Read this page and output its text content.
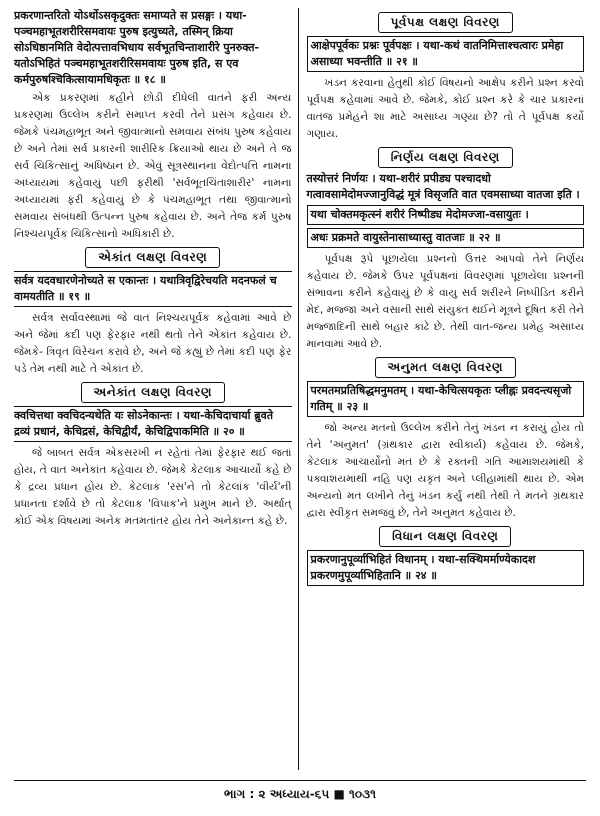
प्रकरणान्तरितो योऽर्थोऽसकृदुक्तः समाप्यते स प्रसङ्गः । यथा-पञ्चमहाभूतशरीरिसमवायः पुरुष इत्युच्यते, तस्मिन् क्रिया सोऽधिष्ठानमिति वेदोत्पत्तावभिधाय सर्वभूतचिन्ताशारीरे पुनरुक्त-यतोऽभिहितं पञ्चमहाभूतशरीरिसमवायः पुरुष इति, स एव कर्मपुरुषश्चिकित्सायामधिकृतः ॥ १८ ॥
એક પ્રકરણમાં કહીને છોડી દીધેલી વાતને ફરી અન્ય પ્રકરણમાં ઉલ્લેખ કરીને સમાપ્ત કરવી તેને પ્રસંગ કહેવાય છે. જેમકે પંચમહાભૂત અને જીવાત્માનો સમવાય સંબંધ પુરુષ કહેવાય છે અને તેમાં સર્વ પ્રકારની શારીરિક ક્રિયાઓ થાય છે અને તે જ સર્વ ચિકિત્સાનું અધિષ્ઠાન છે. એવું સૂત્રસ્થાનના વેદોત્પત્તિ નામના અધ્યાયમાં કહેવાયું પછી ફરીથી 'સર્વભૂતચિંતાશારીર' નામના અધ્યાયમાં ફરી કહેવાયું છે કે પંચમહાભૂત તથા જીવાત્માનો સમવાય સંબંધથી ઉત્પન્ન પુરુષ કહેવાય છે. અને તેજ કર્મ પુરુષ નિશ્ચયપૂર્વક ચિકિત્સાનો અધિકારી છે.
એકાંત લક્ષણ વિવરણ
सर्वत्र यदवधारणेनोच्यते स एकान्तः । यथात्रिवृद्विरेचयति मदनफलं च वामयतीति ॥ १९ ॥
સર્વત્ર સર્વાવસ્થામાં જે વાત નિશ્ચયપૂર્વક કહેવામાં આવે છે અને જેમાં કદી પણ ફેરફાર નથી થતો તેને એકાંત કહેવાય છે. જેમકે- ત્રિવૃત વિરેચન કરાવે છે, અને જે કહ્યું છે તેમાં કદી પણ ફેર પડે તેમ નથી માટે તે એકાંત છે.
અનેકાંત લક્ષણ વિવરણ
क्वचित्तथा क्वचिदन्यथेति यः सोऽनेकान्तः । यथा-केचिदाचार्या ब्रुवते द्रव्यं प्रधानं, केचिद्रसं, केचिद्वीर्यं, केचिद्विपाकमिति ॥ २० ॥
જે બાબત સર્વત્ર એકસરખી ન રહેતાં તેમાં ફેરફાર થઈ જતાં હોય, તે વાત અનેકાંત કહેવાય છે. જેમકે કેટલાક આચાર્યો કહે છે કે દ્રવ્ય પ્રધાન હોય છે. કેટલાક 'રસ'ને તો કેટલાંક 'વીર્ય'ની પ્રધાનતા દર્શાવે છે તો કેટલાક 'વિપાક'ને પ્રમુખ માને છે. અર્થાત્ કોઈ એક વિષયમાં અનેક મતમતાંતર હોય તેને અનેકાન્ત કહે છે.
પૂર્વપક્ષ લક્ષણ વિવરણ
आक्षेपपूर्वकः प्रश्नः पूर्वपक्षः । यथा-कथं वातनिमित्ताश्चत्वारः प्रमेहा असाध्या भवन्तीति ॥ २१ ॥
ખંડન કરવાના હેતુથી કોઈ વિષયનો આક્ષેપ કરીને પ્રશ્ન કરવો પૂર્વપક્ષ કહેવામાં આવે છે. જેમકે, કોઈ પ્રશ્ન કરે કે ચાર પ્રકારનાં વાતજ પ્રમેહને શા માટે અસાધ્ય ગણ્યા છે? તો તે પૂર્વપક્ષ કર્યો ગણાય.
નિર્ણય લક્ષણ વિવરણ
तस्योत्तरं निर्णयः । यथा-शरीरं प्रपीड्य पश्चादधो गत्वावसामेदोमज्जानुविद्धं मूत्रं विसृजति वात एवमसाध्या वातजा इति ।
यथा चोक्तमकृत्स्नं शरीरं निष्पीड्य मेदोमज्जा-वसायुतः ।
अधः प्रक्रमते वायुस्तेनासाध्यास्तु वातजाः ॥ २२ ॥
પૂર્વપક્ષ રૂપે પૂછાયેલા પ્રશ્નનો ઉત્તર આપવો તેને નિર્ણય કહેવાય છે. જેમકે ઉપર પૂર્વપક્ષનાં વિવરણમાં પૂછાયેલા પ્રશ્નની સંભાવના કરીને કહેવાયું છે કે વાયુ સર્વ શરીરને નિષ્પીડિત કરીને મેદ, મજ્જા અને વસાની સાથે સંયુક્ત થઈને મૂત્રને દૂષિત કરી તેને મજ્જાદિની સાથે બહાર કાઢે છે. તેથી વાત-જન્ય પ્રમેહ અસાધ્ય માનવામાં આવે છે.
અનુમત લક્ષણ વિવરણ
परमतमप्रतिषिद्धमनुमतम् । यथा-केचित्सयकृतः प्लीह्नः प्रवदन्त्यसृजो गतिम् ॥ २३ ॥
જો અન્ય મતનો ઉલ્લેખ કરીને તેનું ખંડન ન કરાયું હોય તો તેને 'અનુમત' (ગ્રંથકાર દ્વારા સ્વીકાર્ય) કહેવાય છે. જેમકે, કેટલાક આચાર્યોનો મત છે કે રક્તની ગતિ આમાશયમાંથી કે પક્વાશયમાંથી નહિ પણ યકૃત અને પ્લીહામાંથી થાય છે. એમ અન્યનો મત લખીને તેનું ખંડન કર્યું નથી તેથી તે મતને ગ્રંથકાર દ્વારા સ્વીકૃત સમજવું છે, તેને અનુમત કહેવાય છે.
વિધાન લક્ષણ વિવરણ
प्रकरणानुपूर्व्याभिहितं विधानम् । यथा-सक्थिमर्माण्येकादश प्रकरणमुपूर्व्याभिहितानि ॥ २४ ॥
ભાગ : ૨ અધ્યાય-૬૫ ■ ૧૦૩૧
